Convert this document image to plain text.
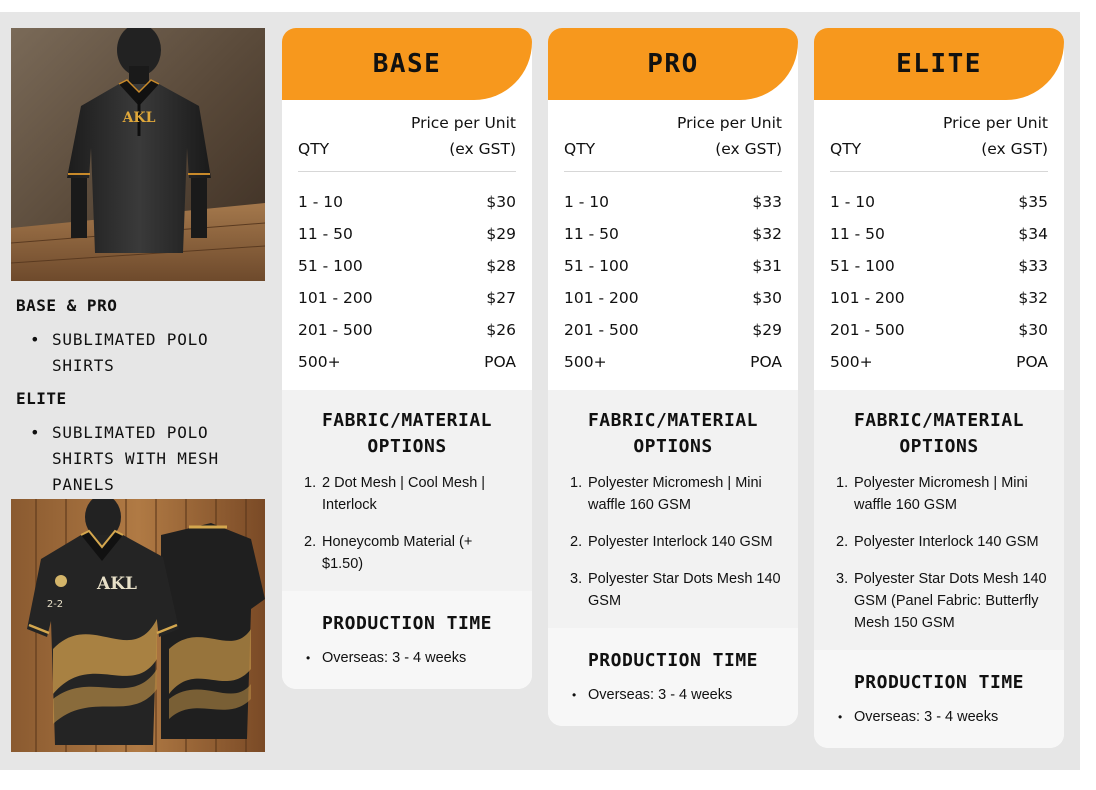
AKL
BASE & PRO
• SUBLIMATED POLO SHIRTS
ELITE
• SUBLIMATED POLO SHIRTS WITH MESH PANELS
AKL
2-2
BASE
QTY
Price per Unit
(ex GST)
1 - 10	$30
11 - 50	$29
51 - 100	$28
101 - 200	$27
201 - 500	$26
500+	POA
FABRIC/MATERIAL
OPTIONS
2 Dot Mesh | Cool Mesh | Interlock
Honeycomb Material (+ $1.50)
PRODUCTION TIME
• Overseas: 3 - 4 weeks
PRO
QTY
Price per Unit
(ex GST)
1 - 10	$33
11 - 50	$32
51 - 100	$31
101 - 200	$30
201 - 500	$29
500+	POA
FABRIC/MATERIAL
OPTIONS
Polyester Micromesh | Mini waffle 160 GSM
Polyester Interlock 140 GSM
Polyester Star Dots Mesh 140 GSM
PRODUCTION TIME
• Overseas: 3 - 4 weeks
ELITE
QTY
Price per Unit
(ex GST)
1 - 10	$35
11 - 50	$34
51 - 100	$33
101 - 200	$32
201 - 500	$30
500+	POA
FABRIC/MATERIAL
OPTIONS
Polyester Micromesh | Mini waffle 160 GSM
Polyester Interlock 140 GSM
Polyester Star Dots Mesh 140 GSM (Panel Fabric: Butterfly Mesh 150 GSM
PRODUCTION TIME
• Overseas: 3 - 4 weeks
